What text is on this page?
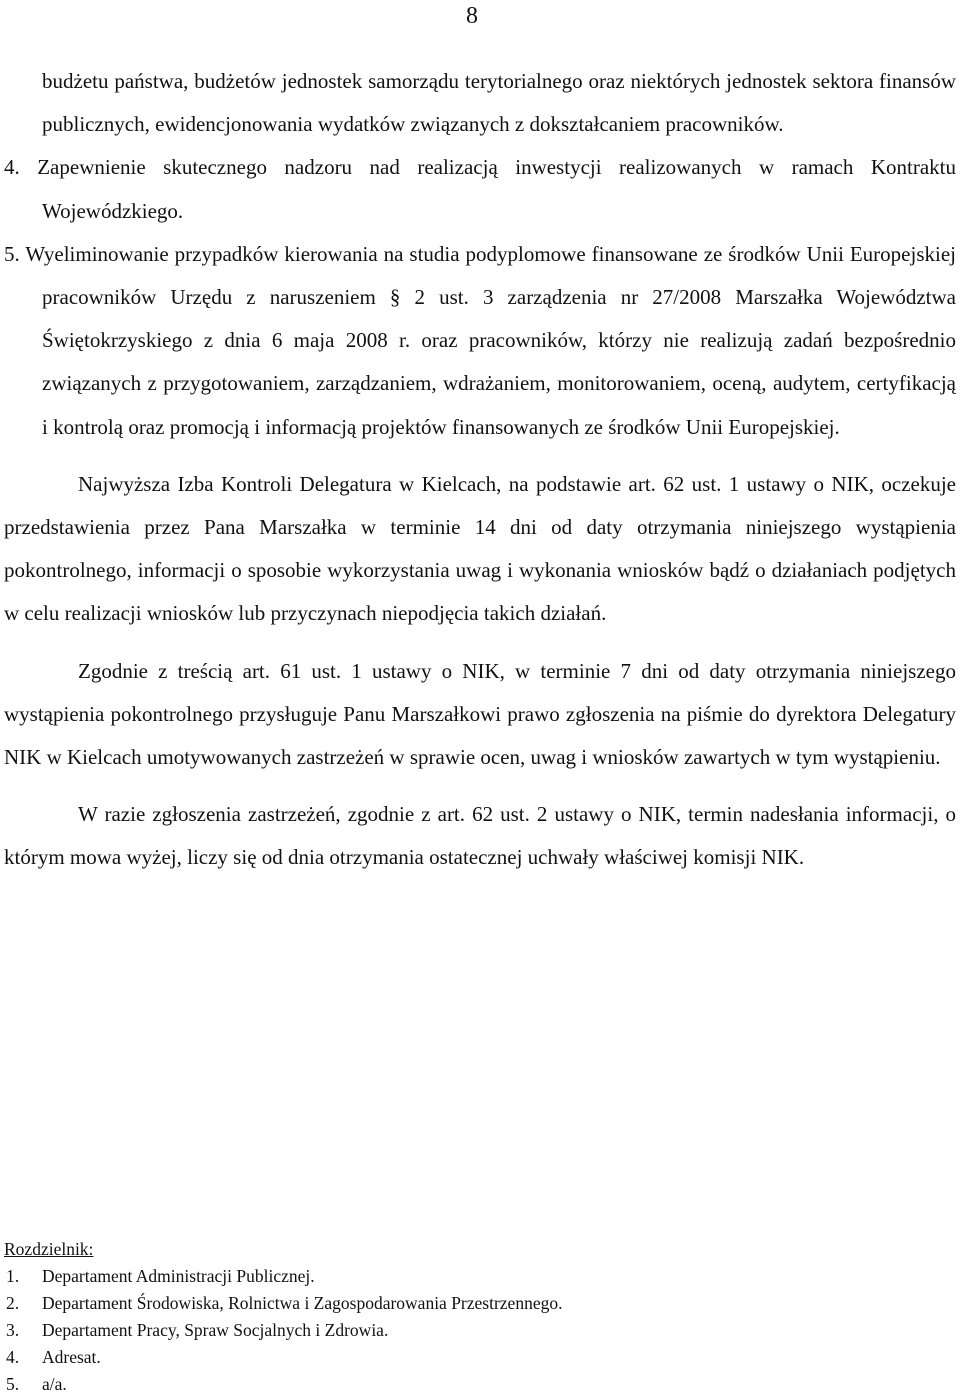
8

budżetu państwa, budżetów jednostek samorządu terytorialnego oraz niektórych jednostek sektora finansów publicznych, ewidencjonowania wydatków związanych z dokształcaniem pracowników.

4. Zapewnienie skutecznego nadzoru nad realizacją inwestycji realizowanych w ramach Kontraktu Wojewódzkiego.

5. Wyeliminowanie przypadków kierowania na studia podyplomowe finansowane ze środków Unii Europejskiej pracowników Urzędu z naruszeniem § 2 ust. 3 zarządzenia nr 27/2008 Marszałka Województwa Świętokrzyskiego z dnia 6 maja 2008 r. oraz pracowników, którzy nie realizują zadań bezpośrednio związanych z przygotowaniem, zarządzaniem, wdrażaniem, monitorowaniem, oceną, audytem, certyfikacją i kontrolą oraz promocją i informacją projektów finansowanych ze środków Unii Europejskiej.

Najwyższa Izba Kontroli Delegatura w Kielcach, na podstawie art. 62 ust. 1 ustawy o NIK, oczekuje przedstawienia przez Pana Marszałka w terminie 14 dni od daty otrzymania niniejszego wystąpienia pokontrolnego, informacji o sposobie wykorzystania uwag i wykonania wniosków bądź o działaniach podjętych w celu realizacji wniosków lub przyczynach niepodjęcia takich działań.

Zgodnie z treścią art. 61 ust. 1 ustawy o NIK, w terminie 7 dni od daty otrzymania niniejszego wystąpienia pokontrolnego przysługuje Panu Marszałkowi prawo zgłoszenia na piśmie do dyrektora Delegatury NIK w Kielcach umotywowanych zastrzeżeń w sprawie ocen, uwag i wniosków zawartych w tym wystąpieniu.

W razie zgłoszenia zastrzeżeń, zgodnie z art. 62 ust. 2 ustawy o NIK, termin nadesłania informacji, o którym mowa wyżej, liczy się od dnia otrzymania ostatecznej uchwały właściwej komisji NIK.

Rozdzielnik:

1.	Departament Administracji Publicznej.
2.	Departament Środowiska, Rolnictwa i Zagospodarowania Przestrzennego.
3.	Departament Pracy, Spraw Socjalnych i Zdrowia.
4.	Adresat.
5.	a/a.
